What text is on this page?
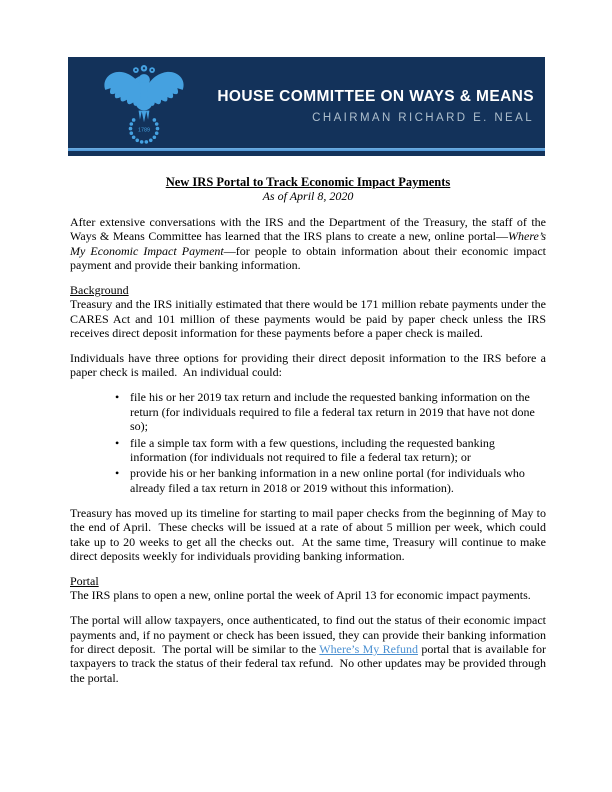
1789
HOUSE COMMITTEE ON WAYS & MEANS
CHAIRMAN RICHARD E. NEAL
New IRS Portal to Track Economic Impact Payments
As of April 8, 2020

After extensive conversations with the IRS and the Department of the Treasury, the staff of the Ways & Means Committee has learned that the IRS plans to create a new, online portal—Where’s My Economic Impact Payment—for people to obtain information about their economic impact payment and provide their banking information.

Background

Treasury and the IRS initially estimated that there would be 171 million rebate payments under the CARES Act and 101 million of these payments would be paid by paper check unless the IRS receives direct deposit information for these payments before a paper check is mailed.

Individuals have three options for providing their direct deposit information to the IRS before a paper check is mailed.  An individual could:

• file his or her 2019 tax return and include the requested banking information on the return (for individuals required to file a federal tax return in 2019 that have not done so);
• file a simple tax form with a few questions, including the requested banking information (for individuals not required to file a federal tax return); or
• provide his or her banking information in a new online portal (for individuals who already filed a tax return in 2018 or 2019 without this information).

Treasury has moved up its timeline for starting to mail paper checks from the beginning of May to the end of April.  These checks will be issued at a rate of about 5 million per week, which could take up to 20 weeks to get all the checks out.  At the same time, Treasury will continue to make direct deposits weekly for individuals providing banking information.

Portal

The IRS plans to open a new, online portal the week of April 13 for economic impact payments.

The portal will allow taxpayers, once authenticated, to find out the status of their economic impact payments and, if no payment or check has been issued, they can provide their banking information for direct deposit.  The portal will be similar to the Where’s My Refund portal that is available for taxpayers to track the status of their federal tax refund.  No other updates may be provided through the portal.
